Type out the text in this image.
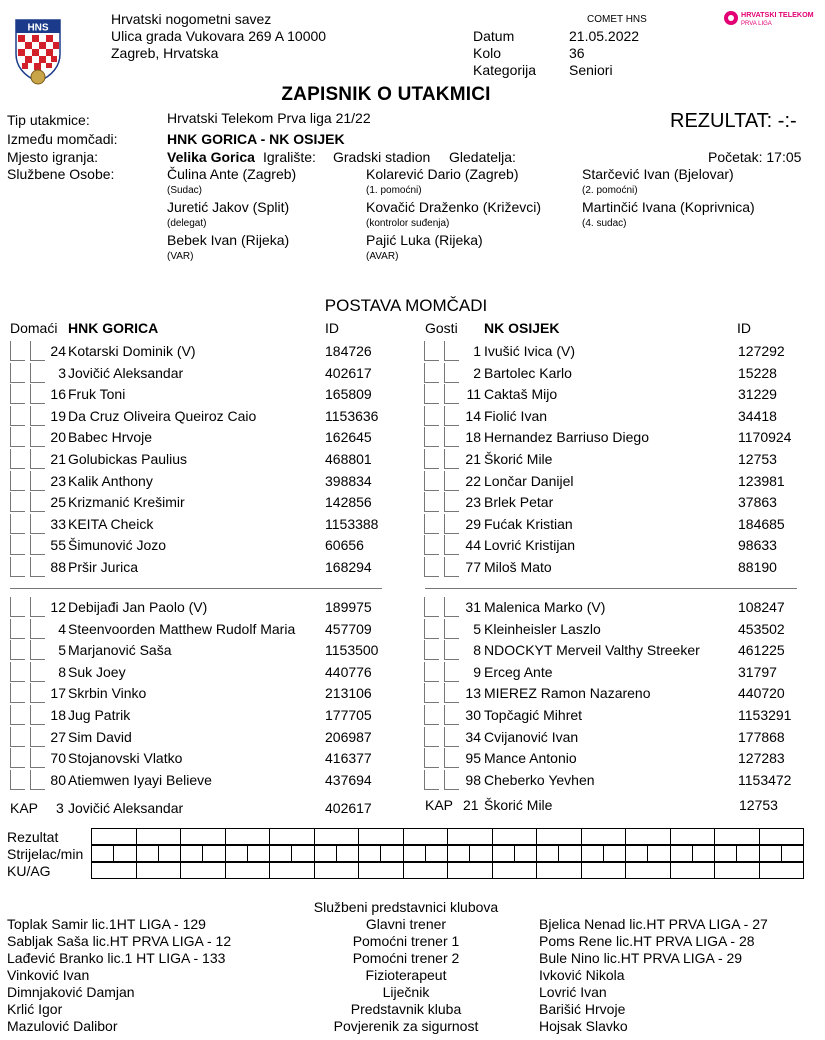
HNS
Hrvatski nogometni savez
Ulica grada Vukovara 269 A 10000
Zagreb, Hrvatska
Datum	21.05.2022
Kolo	36
Kategorija Seniori
COMET HNS	HRVATSKI TELEKOM
PRVA LIGA
ZAPISNIK O UTAKMICI
REZULTAT: -:-
Tip utakmice:	Hrvatski Telekom Prva liga 21/22
Između momčadi:	HNK GORICA - NK OSIJEK
Mjesto igranja:	Velika Gorica Igralište: Gradski stadion Gledatelja:	Početak: 17:05
Službene Osobe:	Čulina Ante (Zagreb)
(Sudac)
Kolarević Dario (Zagreb)
(1. pomoćni)
Starčević Ivan (Bjelovar)
(2. pomoćni)
Juretić Jakov (Split)
(delegat)
Kovačić Draženko (Križevci)
(kontrolor suđenja)
Martinčić Ivana (Koprivnica)
(4. sudac)
Bebek Ivan (Rijeka)
(VAR)
Pajić Luka (Rijeka)
(AVAR)
POSTAVA MOMČADI
Domaći HNK GORICA	ID	Gosti NK OSIJEK	ID
24 Kotarski Dominik (V)	184726
3 Jovičić Aleksandar	402617
16 Fruk Toni	165809
19 Da Cruz Oliveira Queiroz Caio	1153636
20 Babec Hrvoje	162645
21 Golubickas Paulius	468801
23 Kalik Anthony	398834
25 Krizmanić Krešimir	142856
33 KEITA Cheick	1153388
55 Šimunović Jozo	60656
88 Pršir Jurica	168294
12 Debijađi Jan Paolo (V)	189975
4 Steenvoorden Matthew Rudolf Maria 457709
5 Marjanović Saša	1153500
8 Suk Joey	440776
17 Skrbin Vinko	213106
18 Jug Patrik	177705
27 Sim David	206987
70 Stojanovski Vlatko	416377
80 Atiemwen Iyayi Believe	437694
1 Ivušić Ivica (V)	127292
2 Bartolec Karlo	15228
11 Caktaš Mijo	31229
14 Fiolić Ivan	34418
18 Hernandez Barriuso Diego	1170924
21 Škorić Mile	12753
22 Lončar Danijel	123981
23 Brlek Petar	37863
29 Fućak Kristian	184685
44 Lovrić Kristijan	98633
77 Miloš Mato	88190
31 Malenica Marko (V)	108247
5 Kleinheisler Laszlo	453502
8 NDOCKYT Merveil Valthy Streeker	461225
9 Erceg Ante	31797
13 MIEREZ Ramon Nazareno	440720
30 Topčagić Mihret	1153291
34 Cvijanović Ivan	177868
95 Mance Antonio	127283
98 Cheberko Yevhen	1153472
KAP 3 Jovičić Aleksandar	402617	KAP 21 Škorić Mile	12753
Rezultat
Strijelac/min
KU/AG

Službeni predstavnici klubova
Toplak Samir lic.1HT LIGA - 129	Glavni trener	Bjelica Nenad lic.HT PRVA LIGA - 27
Sabljak Saša lic.HT PRVA LIGA - 12	Pomoćni trener 1	Poms Rene lic.HT PRVA LIGA - 28
Lađević Branko lic.1 HT LIGA - 133	Pomoćni trener 2	Bule Nino lic.HT PRVA LIGA - 29
Vinković Ivan	Fizioterapeut	Ivković Nikola
Dimnjaković Damjan	Liječnik	Lovrić Ivan
Krlić Igor	Predstavnik kluba	Barišić Hrvoje
Mazulović Dalibor	Povjerenik za sigurnost	Hojsak Slavko
